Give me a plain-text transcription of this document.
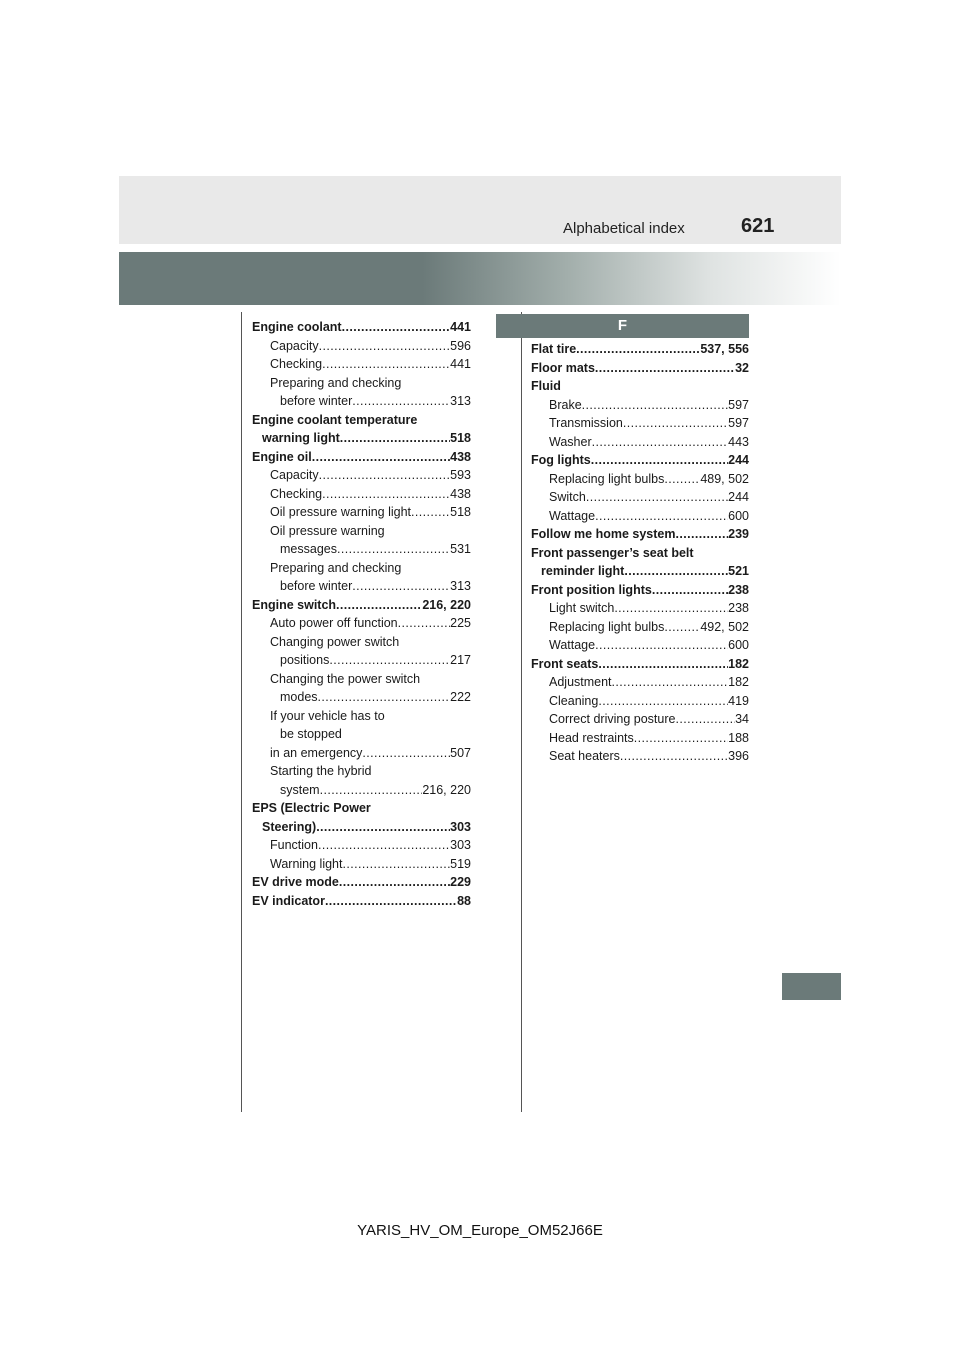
Alphabetical index	621
F
Engine coolant .....	441
Capacity .....	596
Checking .....	441
Preparing and checking
before winter .....	313
Engine coolant temperature
warning light .....	518
Engine oil .....	438
Capacity .....	593
Checking .....	438
Oil pressure warning light .....	518
Oil pressure warning
messages .....	531
Preparing and checking
before winter .....	313
Engine switch .....	216, 220
Auto power off function .....	225
Changing power switch
positions .....	217
Changing the power switch
modes .....	222
If your vehicle has to
be stopped
in an emergency .....	507
Starting the hybrid
system .....	216, 220
EPS (Electric Power
Steering) .....	303
Function .....	303
Warning light .....	519
EV drive mode .....	229
EV indicator .....	88
Flat tire .....	537, 556
Floor mats .....	32
Fluid
Brake .....	597
Transmission .....	597
Washer .....	443
Fog lights .....	244
Replacing light bulbs .....	489, 502
Switch .....	244
Wattage .....	600
Follow me home system .....	239
Front passenger’s seat belt
reminder light .....	521
Front position lights .....	238
Light switch .....	238
Replacing light bulbs .....	492, 502
Wattage .....	600
Front seats .....	182
Adjustment .....	182
Cleaning .....	419
Correct driving posture .....	34
Head restraints .....	188
Seat heaters .....	396
YARIS_HV_OM_Europe_OM52J66E
